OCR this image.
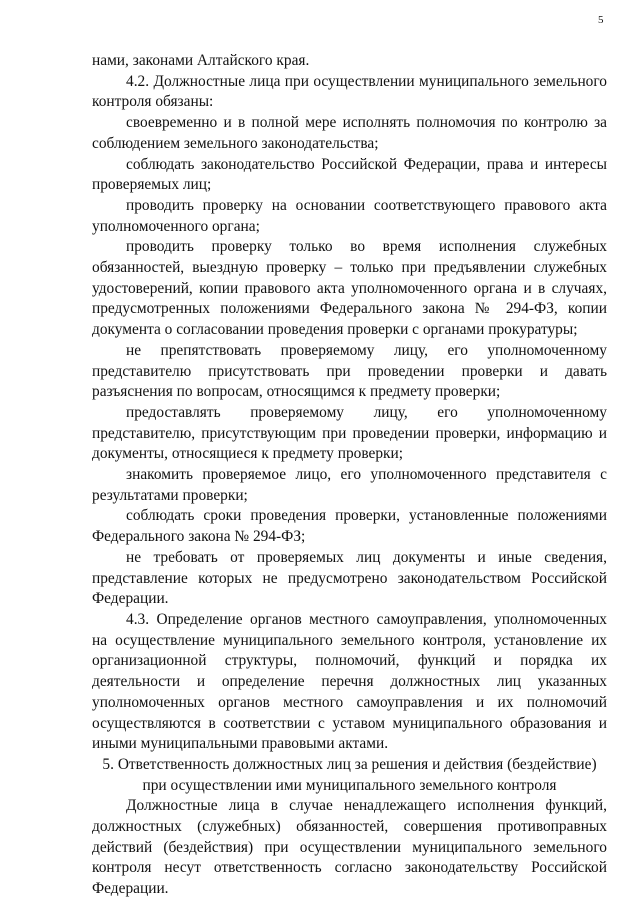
5

нами, законами Алтайского края.

4.2. Должностные лица при осуществлении муниципального земельного контроля обязаны:

своевременно и в полной мере исполнять полномочия по контролю за соблюдением земельного законодательства;

соблюдать законодательство Российской Федерации, права и интересы проверяемых лиц;

проводить проверку на основании соответствующего правового акта уполномоченного органа;

проводить проверку только во время исполнения служебных обязанностей, выездную проверку – только при предъявлении служебных удостоверений, копии правового акта уполномоченного органа и в случаях, предусмотренных положениями Федерального закона № 294-ФЗ, копии документа о согласовании проведения проверки с органами прокуратуры;

не препятствовать проверяемому лицу, его уполномоченному представителю присутствовать при проведении проверки и давать разъяснения по вопросам, относящимся к предмету проверки;

предоставлять проверяемому лицу, его уполномоченному представителю, присутствующим при проведении проверки, информацию и документы, относящиеся к предмету проверки;

знакомить проверяемое лицо, его уполномоченного представителя с результатами проверки;

соблюдать сроки проведения проверки, установленные положениями Федерального закона № 294-ФЗ;

не требовать от проверяемых лиц документы и иные сведения, представление которых не предусмотрено законодательством Российской Федерации.

4.3. Определение органов местного самоуправления, уполномоченных на осуществление муниципального земельного контроля, установление их организационной структуры, полномочий, функций и порядка их деятельности и определение перечня должностных лиц указанных уполномоченных органов местного самоуправления и их полномочий осуществляются в соответствии с уставом муниципального образования и иными муниципальными правовыми актами.

5. Ответственность должностных лиц за решения и действия (бездействие) при осуществлении ими муниципального земельного контроля

Должностные лица в случае ненадлежащего исполнения функций, должностных (служебных) обязанностей, совершения противоправных действий (бездействия) при осуществлении муниципального земельного контроля несут ответственность согласно законодательству Российской Федерации.
